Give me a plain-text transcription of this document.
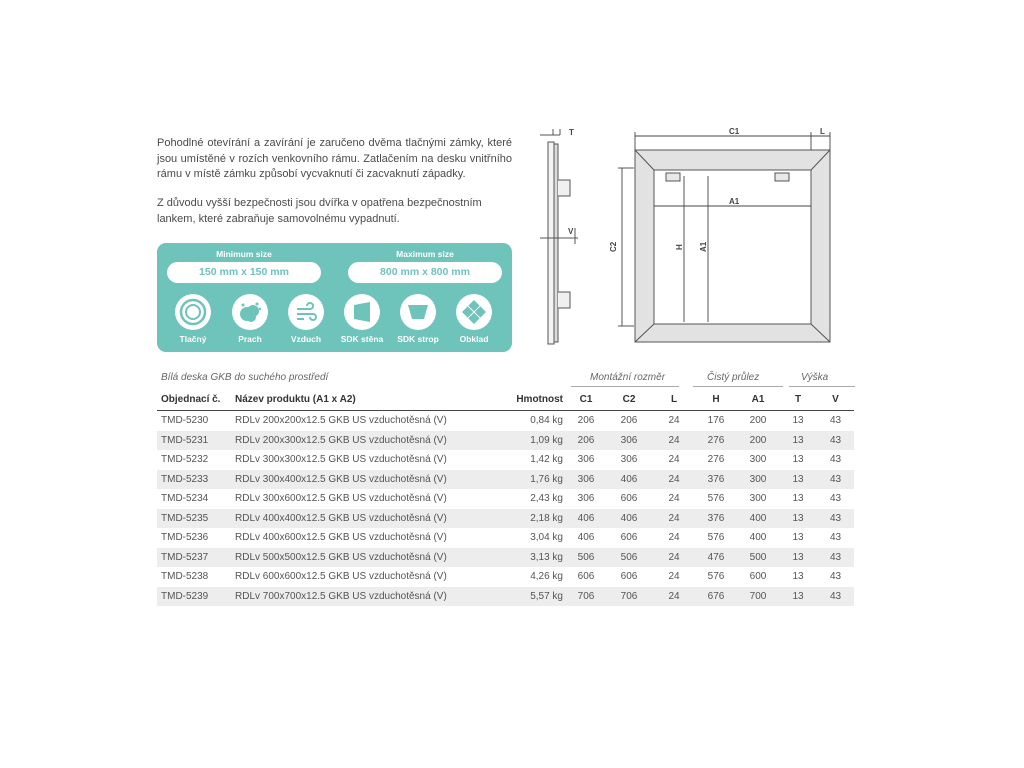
Pohodlné otevírání a zavírání je zaručeno dvěma tlačnými zámky, které jsou umístěné v rozích venkovního rámu. Zatlačením na desku vnitřního rámu v místě zámku způsobí vycvaknutí či zacvaknutí západky.

Z důvodu vyšší bezpečnosti jsou dvířka v opatřena bezpečnostním lankem, které zabraňuje samovolnému vypadnutí.

Minimum size
150 mm x 150 mm
Maximum size
800 mm x 800 mm
Tlačný	Prach	Vzduch	SDK stěna	SDK strop	Obklad
T
V
C1	L
A1
C2	A1
H
Bílá deska GKB do suchého prostředí	Montážní rozměr	Čistý průlez	Výška
Objednací č.	Název produktu (A1 x A2)	Hmotnost	C1	C2	L	H	A1	T	V
TMD-5230	RDLv 200x200x12.5 GKB US vzduchotěsná (V)	0,84 kg	206	206	24	176	200	13	43
TMD-5231	RDLv 200x300x12.5 GKB US vzduchotěsná (V)	1,09 kg	206	306	24	276	200	13	43
TMD-5232	RDLv 300x300x12.5 GKB US vzduchotěsná (V)	1,42 kg	306	306	24	276	300	13	43
TMD-5233	RDLv 300x400x12.5 GKB US vzduchotěsná (V)	1,76 kg	306	406	24	376	300	13	43
TMD-5234	RDLv 300x600x12.5 GKB US vzduchotěsná (V)	2,43 kg	306	606	24	576	300	13	43
TMD-5235	RDLv 400x400x12.5 GKB US vzduchotěsná (V)	2,18 kg	406	406	24	376	400	13	43
TMD-5236	RDLv 400x600x12.5 GKB US vzduchotěsná (V)	3,04 kg	406	606	24	576	400	13	43
TMD-5237	RDLv 500x500x12.5 GKB US vzduchotěsná (V)	3,13 kg	506	506	24	476	500	13	43
TMD-5238	RDLv 600x600x12.5 GKB US vzduchotěsná (V)	4,26 kg	606	606	24	576	600	13	43
TMD-5239	RDLv 700x700x12.5 GKB US vzduchotěsná (V)	5,57 kg	706	706	24	676	700	13	43
